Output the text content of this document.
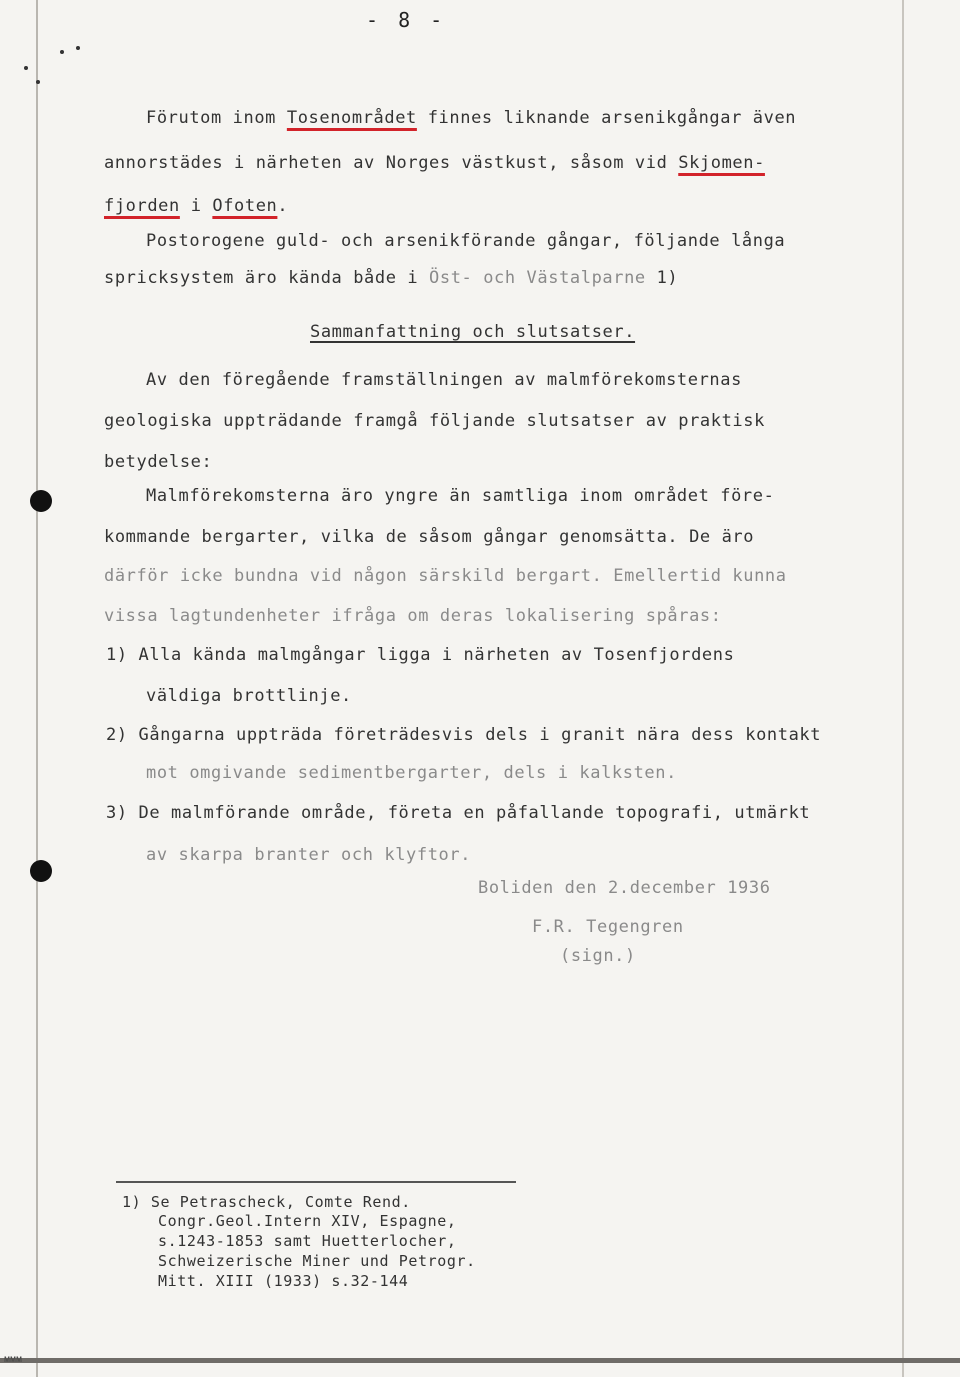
ᴍᴍᴍ
- 8 -
Förutom inom Tosenområdet finnes liknande arsenikgångar även
annorstädes i närheten av Norges västkust, såsom vid Skjomen-
fjorden i Ofoten.
Postorogene guld- och arsenikförande gångar, följande långa
spricksystem äro kända både i Öst- och Västalparne 1)
Sammanfattning och slutsatser.
Av den föregående framställningen av malmförekomsternas
geologiska uppträdande framgå följande slutsatser av praktisk
betydelse:
Malmförekomsterna äro yngre än samtliga inom området före-
kommande bergarter, vilka de såsom gångar genomsätta. De äro
därför icke bundna vid någon särskild bergart. Emellertid kunna
vissa lagtundenheter ifråga om deras lokalisering spåras:
1) Alla kända malmgångar ligga i närheten av Tosenfjordens
väldiga brottlinje.
2) Gångarna uppträda företrädesvis dels i granit nära dess kontakt
mot omgivande sedimentbergarter, dels i kalksten.
3) De malmförande område, företa en påfallande topografi, utmärkt
av skarpa branter och klyftor.
Boliden den 2.december 1936
F.R. Tegengren
(sign.)
1) Se Petrascheck, Comte Rend.
Congr.Geol.Intern XIV, Espagne,
s.1243-1853 samt Huetterlocher,
Schweizerische Miner und Petrogr.
Mitt. XIII (1933) s.32-144
